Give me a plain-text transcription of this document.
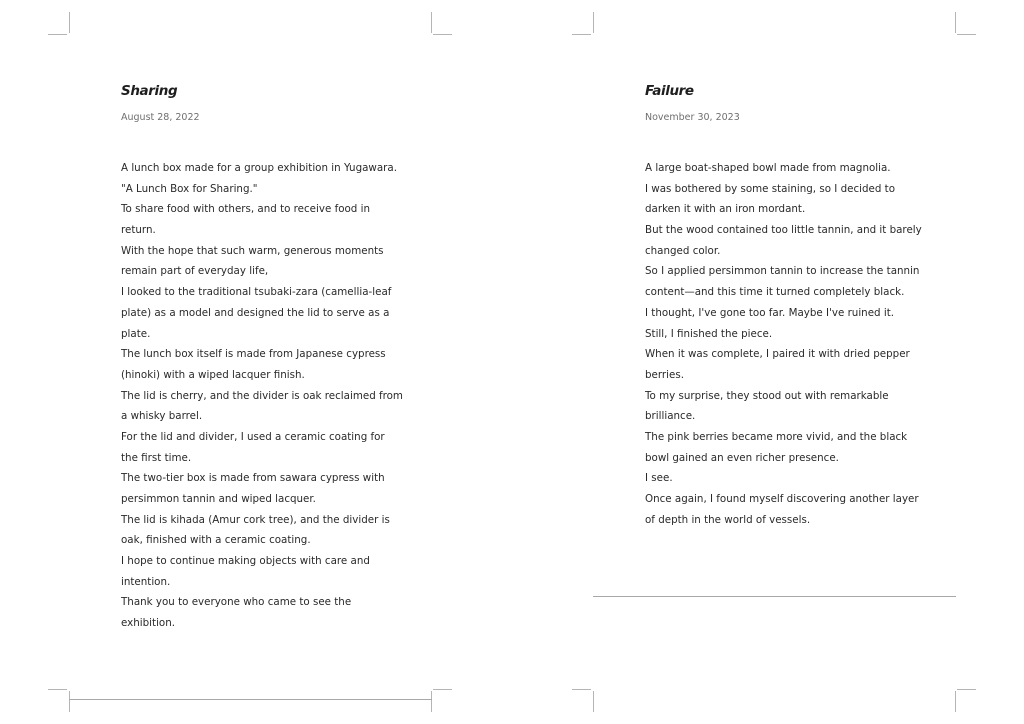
Sharing

August 28, 2022

A lunch box made for a group exhibition in Yugawara.
"A Lunch Box for Sharing."
To share food with others, and to receive food in
return.
With the hope that such warm, generous moments
remain part of everyday life,
I looked to the traditional tsubaki-zara (camellia-leaf
plate) as a model and designed the lid to serve as a
plate.
The lunch box itself is made from Japanese cypress
(hinoki) with a wiped lacquer finish.
The lid is cherry, and the divider is oak reclaimed from
a whisky barrel.
For the lid and divider, I used a ceramic coating for
the first time.
The two-tier box is made from sawara cypress with
persimmon tannin and wiped lacquer.
The lid is kihada (Amur cork tree), and the divider is
oak, finished with a ceramic coating.
I hope to continue making objects with care and
intention.
Thank you to everyone who came to see the
exhibition.
Failure

November 30, 2023

A large boat-shaped bowl made from magnolia.
I was bothered by some staining, so I decided to
darken it with an iron mordant.
But the wood contained too little tannin, and it barely
changed color.
So I applied persimmon tannin to increase the tannin
content—and this time it turned completely black.
I thought, I've gone too far. Maybe I've ruined it.
Still, I finished the piece.
When it was complete, I paired it with dried pepper
berries.
To my surprise, they stood out with remarkable
brilliance.
The pink berries became more vivid, and the black
bowl gained an even richer presence.
I see.
Once again, I found myself discovering another layer
of depth in the world of vessels.
